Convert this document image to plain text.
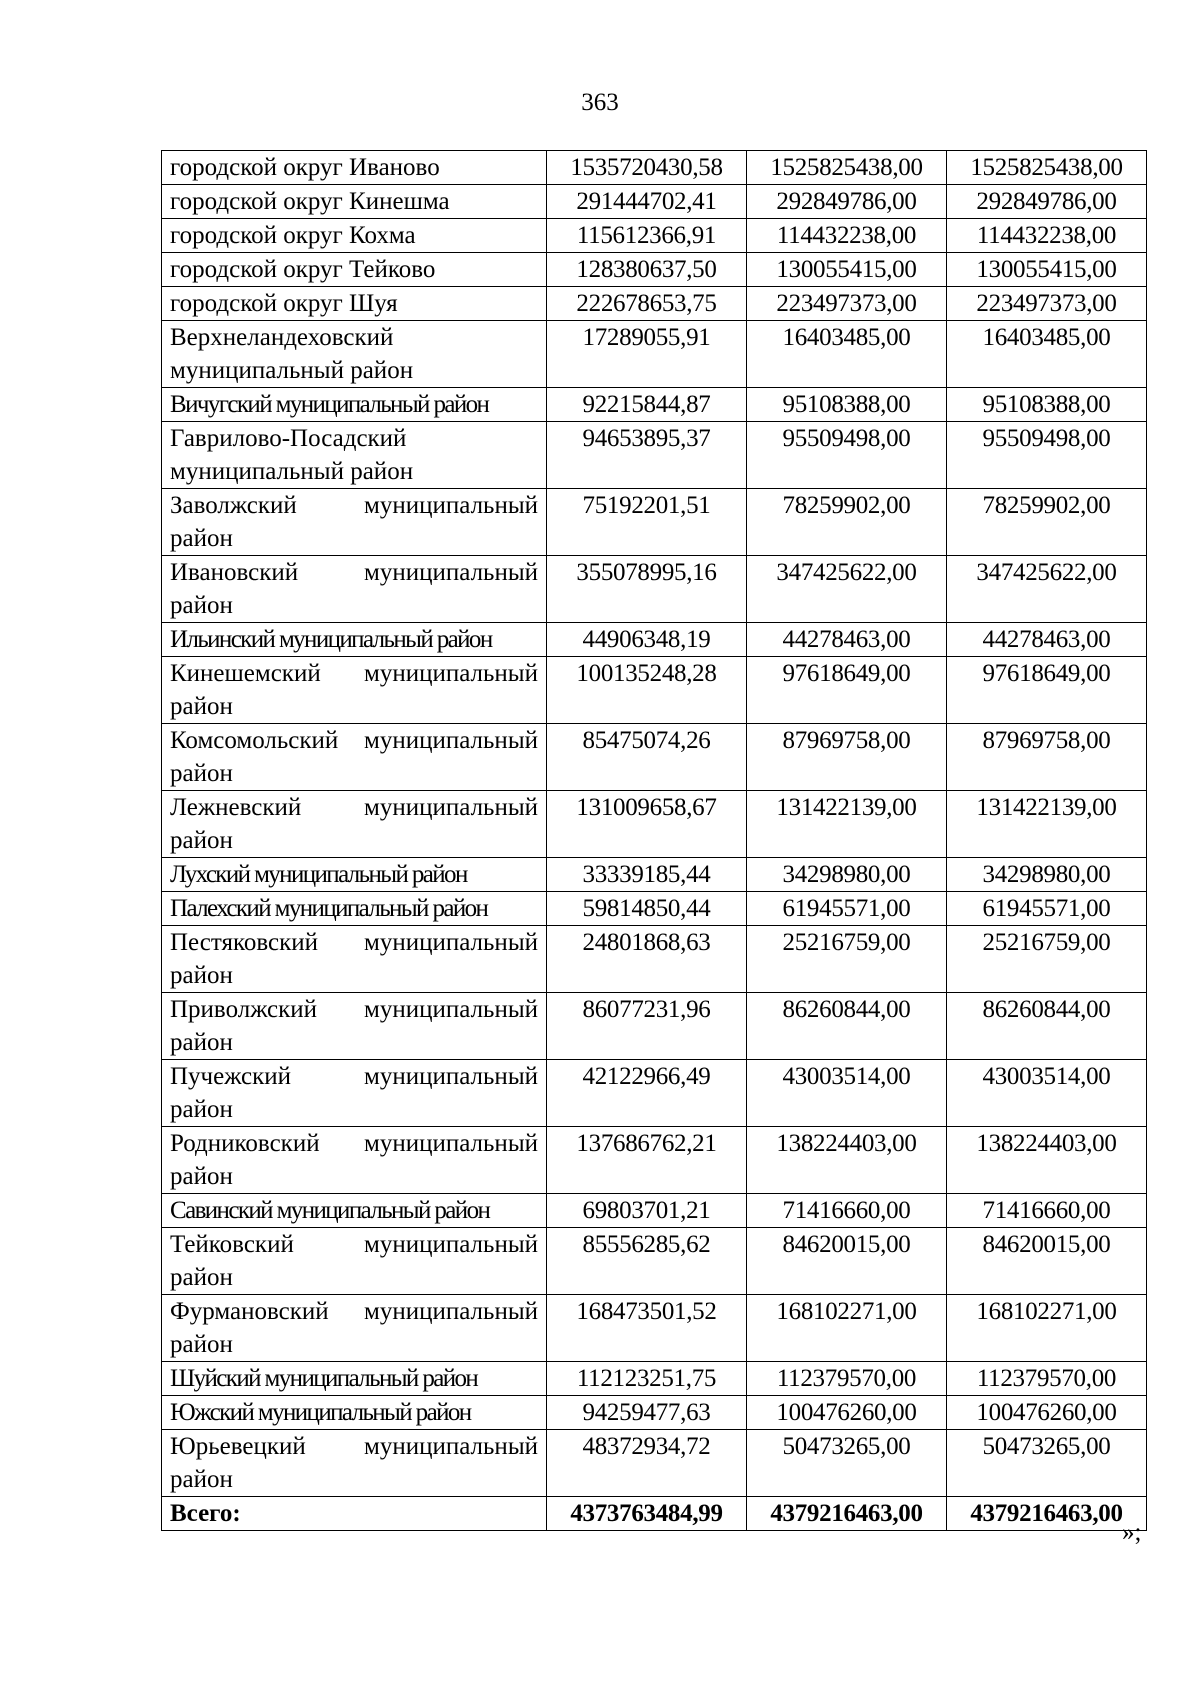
363
городской округ Иваново	1535720430,58	1525825438,00	1525825438,00
городской округ Кинешма	291444702,41	292849786,00	292849786,00
городской округ Кохма	115612366,91	114432238,00	114432238,00
городской округ Тейково	128380637,50	130055415,00	130055415,00
городской округ Шуя	222678653,75	223497373,00	223497373,00
Верхнеландеховский муниципальный район	17289055,91	16403485,00	16403485,00
Вичугский муниципальный район	92215844,87	95108388,00	95108388,00
Гаврилово-Посадский муниципальный район	94653895,37	95509498,00	95509498,00
Заволжский муниципальный район	75192201,51	78259902,00	78259902,00
Ивановский муниципальный район	355078995,16	347425622,00	347425622,00
Ильинский муниципальный район	44906348,19	44278463,00	44278463,00
Кинешемский муниципальный район	100135248,28	97618649,00	97618649,00
Комсомольский муниципальный район	85475074,26	87969758,00	87969758,00
Лежневский муниципальный район	131009658,67	131422139,00	131422139,00
Лухский муниципальный район	33339185,44	34298980,00	34298980,00
Палехский муниципальный район	59814850,44	61945571,00	61945571,00
Пестяковский муниципальный район	24801868,63	25216759,00	25216759,00
Приволжский муниципальный район	86077231,96	86260844,00	86260844,00
Пучежский муниципальный район	42122966,49	43003514,00	43003514,00
Родниковский муниципальный район	137686762,21	138224403,00	138224403,00
Савинский муниципальный район	69803701,21	71416660,00	71416660,00
Тейковский муниципальный район	85556285,62	84620015,00	84620015,00
Фурмановский муниципальный район	168473501,52	168102271,00	168102271,00
Шуйский муниципальный район	112123251,75	112379570,00	112379570,00
Южский муниципальный район	94259477,63	100476260,00	100476260,00
Юрьевецкий муниципальный район	48372934,72	50473265,00	50473265,00
Всего:	4373763484,99	4379216463,00	4379216463,00
»;
